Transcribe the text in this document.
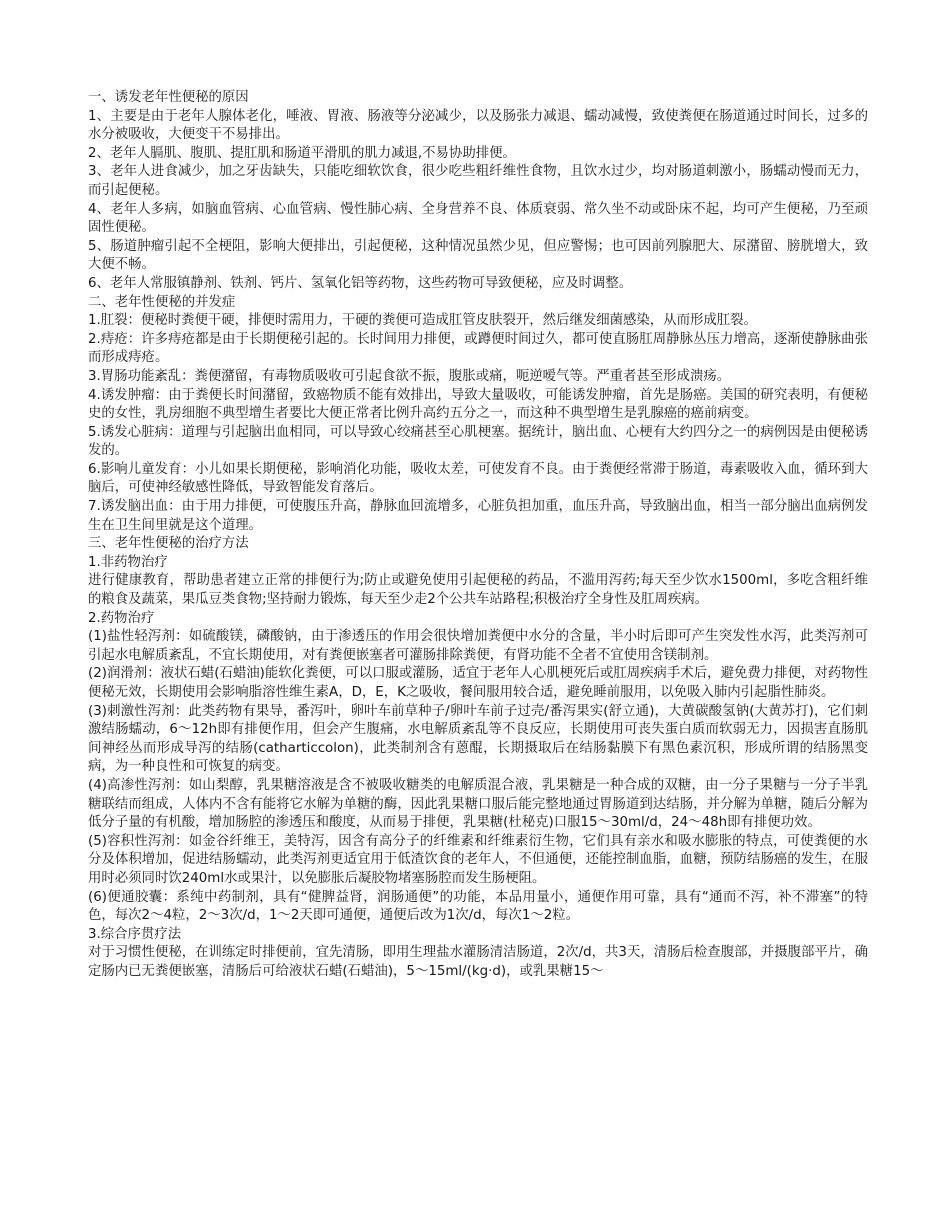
一、诱发老年性便秘的原因

1、主要是由于老年人腺体老化，唾液、胃液、肠液等分泌减少，以及肠张力减退、蠕动减慢，致使粪便在肠道通过时间长，过多的水分被吸收，大便变干不易排出。

2、老年人膈肌、腹肌、提肛肌和肠道平滑肌的肌力减退,不易协助排便。

3、老年人进食减少，加之牙齿缺失，只能吃细软饮食，很少吃些粗纤维性食物，且饮水过少，均对肠道刺激小，肠蠕动慢而无力，而引起便秘。

4、老年人多病，如脑血管病、心血管病、慢性肺心病、全身营养不良、体质衰弱、常久坐不动或卧床不起，均可产生便秘，乃至顽固性便秘。

5、肠道肿瘤引起不全梗阻，影响大便排出，引起便秘，这种情况虽然少见，但应警惕；也可因前列腺肥大、尿潴留、膀胱增大，致大便不畅。

6、老年人常服镇静剂、铁剂、钙片、氢氧化铝等药物，这些药物可导致便秘，应及时调整。

二、老年性便秘的并发症

1.肛裂：便秘时粪便干硬，排便时需用力，干硬的粪便可造成肛管皮肤裂开，然后继发细菌感染，从而形成肛裂。

2.痔疮：许多痔疮都是由于长期便秘引起的。长时间用力排便，或蹲便时间过久，都可使直肠肛周静脉丛压力增高，逐渐使静脉曲张而形成痔疮。

3.胃肠功能紊乱：粪便潴留，有毒物质吸收可引起食欲不振，腹胀或痛，呃逆嗳气等。严重者甚至形成溃疡。

4.诱发肿瘤：由于粪便长时间潴留，致癌物质不能有效排出，导致大量吸收，可能诱发肿瘤，首先是肠癌。美国的研究表明，有便秘史的女性，乳房细胞不典型增生者要比大便正常者比例升高约五分之一，而这种不典型增生是乳腺癌的癌前病变。

5.诱发心脏病：道理与引起脑出血相同，可以导致心绞痛甚至心肌梗塞。据统计，脑出血、心梗有大约四分之一的病例因是由便秘诱发的。

6.影响儿童发育：小儿如果长期便秘，影响消化功能，吸收太差，可使发育不良。由于粪便经常滞于肠道，毒素吸收入血，循环到大脑后，可使神经敏感性降低，导致智能发育落后。

7.诱发脑出血：由于用力排便，可使腹压升高，静脉血回流增多，心脏负担加重，血压升高，导致脑出血，相当一部分脑出血病例发生在卫生间里就是这个道理。

三、老年性便秘的治疗方法

1.非药物治疗

进行健康教育，帮助患者建立正常的排便行为;防止或避免使用引起便秘的药品，不滥用泻药;每天至少饮水1500ml，多吃含粗纤维的粮食及蔬菜，果瓜豆类食物;坚持耐力锻炼，每天至少走2个公共车站路程;积极治疗全身性及肛周疾病。

2.药物治疗

(1)盐性轻泻剂：如硫酸镁，磷酸钠，由于渗透压的作用会很快增加粪便中水分的含量，半小时后即可产生突发性水泻，此类泻剂可引起水电解质紊乱，不宜长期使用，对有粪便嵌塞者可灌肠排除粪便，有肾功能不全者不宜使用含镁制剂。

(2)润滑剂：液状石蜡(石蜡油)能软化粪便，可以口服或灌肠，适宜于老年人心肌梗死后或肛周疾病手术后，避免费力排便，对药物性便秘无效，长期使用会影响脂溶性维生素A，D，E，K之吸收，餐间服用较合适，避免睡前服用，以免吸入肺内引起脂性肺炎。

(3)刺激性泻剂：此类药物有果导，番泻叶，卵叶车前草种子/卵叶车前子过壳/番泻果实(舒立通)，大黄碳酸氢钠(大黄苏打)，它们刺激结肠蠕动，6～12h即有排便作用，但会产生腹痛，水电解质紊乱等不良反应，长期使用可丧失蛋白质而软弱无力，因损害直肠肌间神经丛而形成导泻的结肠(catharticcolon)，此类制剂含有蒽醌，长期摄取后在结肠黏膜下有黑色素沉积，形成所谓的结肠黑变病，为一种良性和可恢复的病变。

(4)高渗性泻剂：如山梨醇，乳果糖溶液是含不被吸收糖类的电解质混合液，乳果糖是一种合成的双糖，由一分子果糖与一分子半乳糖联结而组成，人体内不含有能将它水解为单糖的酶，因此乳果糖口服后能完整地通过胃肠道到达结肠，并分解为单糖，随后分解为低分子量的有机酸，增加肠腔的渗透压和酸度，从而易于排便，乳果糖(杜秘克)口服15～30ml/d，24～48h即有排便功效。

(5)容积性泻剂：如金谷纤维王，美特泻，因含有高分子的纤维素和纤维素衍生物，它们具有亲水和吸水膨胀的特点，可使粪便的水分及体积增加，促进结肠蠕动，此类泻剂更适宜用于低渣饮食的老年人，不但通便，还能控制血脂，血糖，预防结肠癌的发生，在服用时必须同时饮240ml水或果汁，以免膨胀后凝胶物堵塞肠腔而发生肠梗阻。

(6)便通胶囊：系纯中药制剂，具有“健脾益肾，润肠通便”的功能，本品用量小，通便作用可靠，具有“通而不泻，补不滞塞”的特色，每次2～4粒，2～3次/d，1～2天即可通便，通便后改为1次/d，每次1～2粒。

3.综合序贯疗法

对于习惯性便秘，在训练定时排便前，宜先清肠，即用生理盐水灌肠清洁肠道，2次/d，共3天，清肠后检查腹部，并摄腹部平片，确定肠内已无粪便嵌塞，清肠后可给液状石蜡(石蜡油)，5～15ml/(kg·d)，或乳果糖15～
